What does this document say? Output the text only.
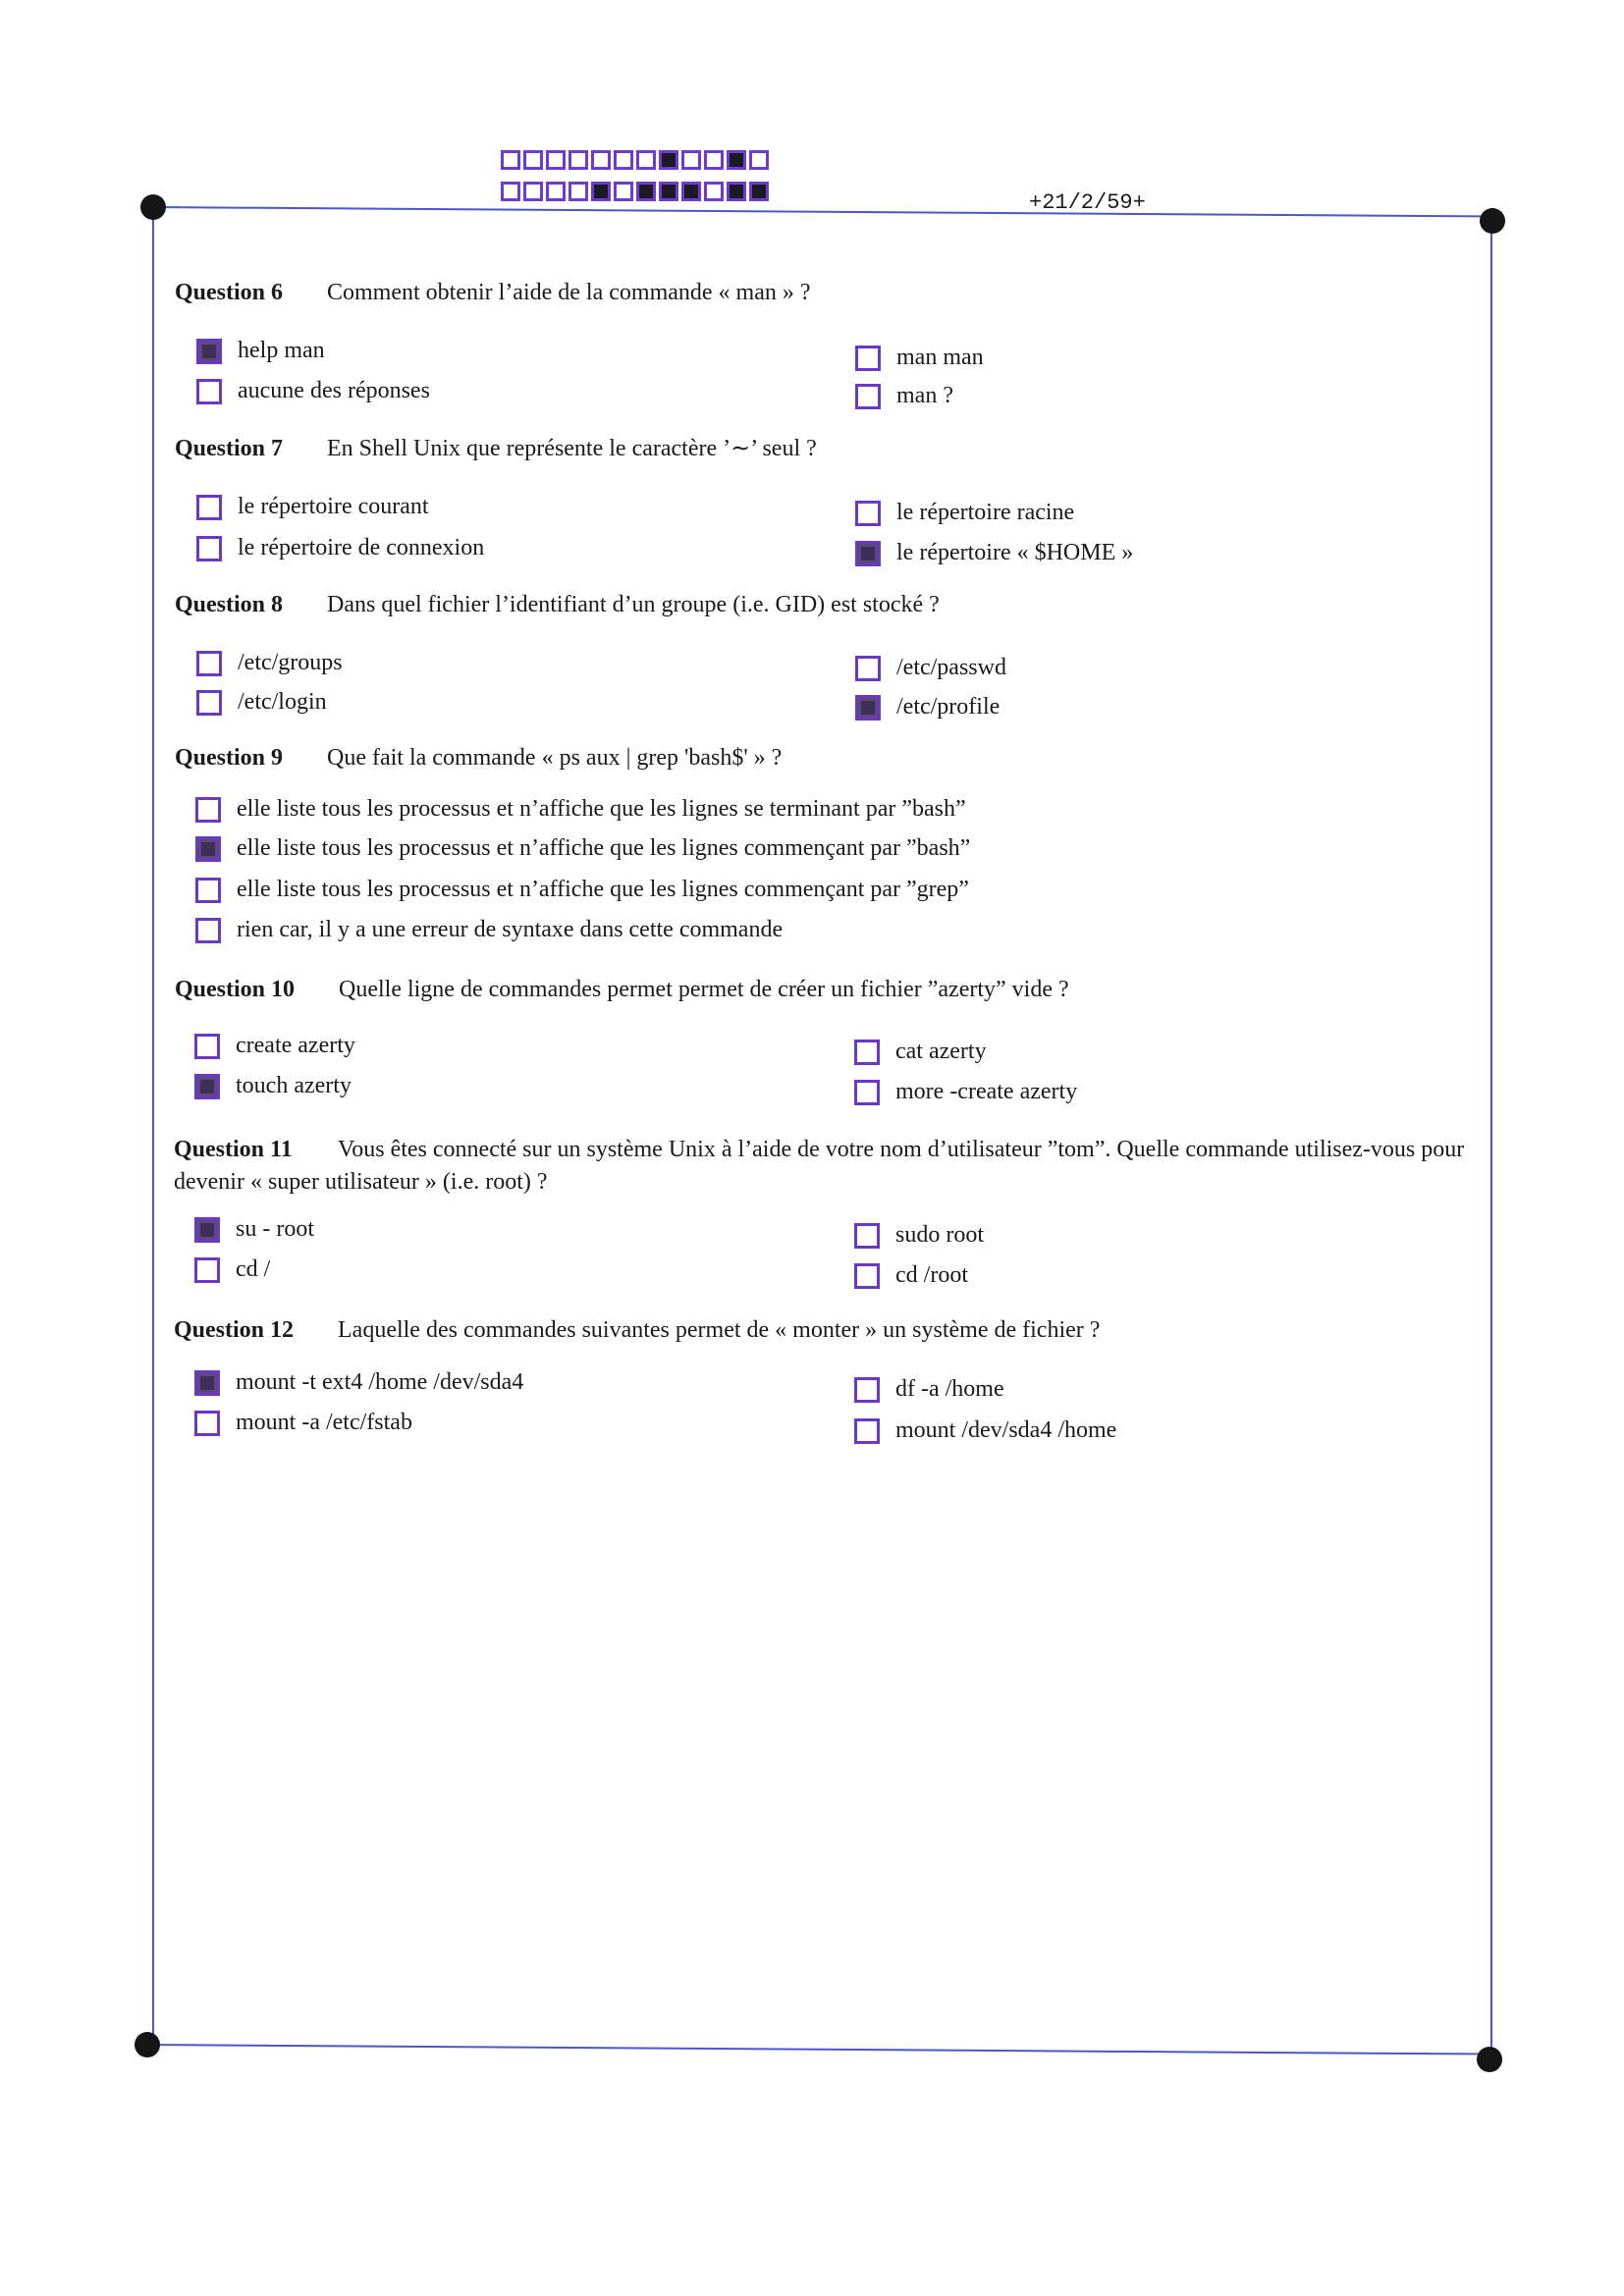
+21/2/59+
Question 6 Comment obtenir l’aide de la commande « man » ?
help man
aucune des réponses
man man
man ?
Question 7 En Shell Unix que représente le caractère ’∼’ seul ?
le répertoire courant
le répertoire de connexion
le répertoire racine
le répertoire « $HOME »
Question 8 Dans quel fichier l’identifiant d’un groupe (i.e. GID) est stocké ?
/etc/groups
/etc/login
/etc/passwd
/etc/profile
Question 9 Que fait la commande « ps aux | grep 'bash$' » ?
elle liste tous les processus et n’affiche que les lignes se terminant par ”bash”
elle liste tous les processus et n’affiche que les lignes commençant par ”bash”
elle liste tous les processus et n’affiche que les lignes commençant par ”grep”
rien car, il y a une erreur de syntaxe dans cette commande
Question 10 Quelle ligne de commandes permet permet de créer un fichier ”azerty” vide ?
create azerty
touch azerty
cat azerty
more -create azerty
Question 11 Vous êtes connecté sur un système Unix à l’aide de votre nom d’utilisateur ”tom”. Quelle commande utilisez-vous pour devenir « super utilisateur » (i.e. root) ?
su - root
cd /
sudo root
cd /root
Question 12 Laquelle des commandes suivantes permet de « monter » un système de fichier ?
mount -t ext4 /home /dev/sda4
mount -a /etc/fstab
df -a /home
mount /dev/sda4 /home
